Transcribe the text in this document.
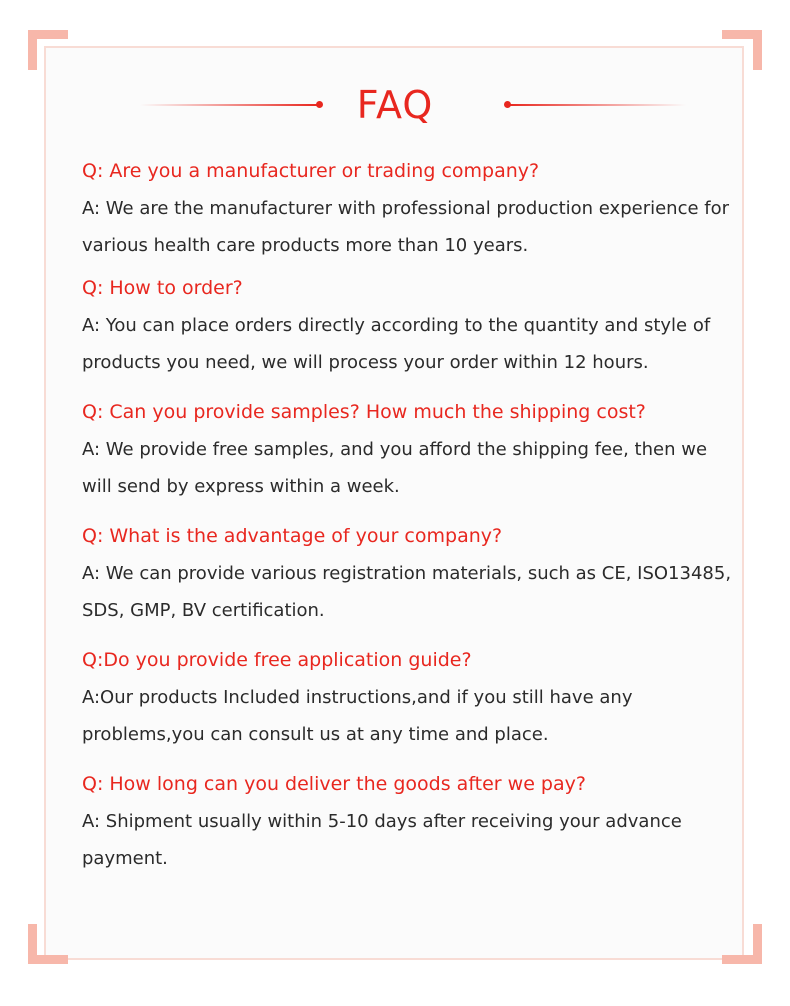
FAQ
Q: Are you a manufacturer or trading company?
A: We are the manufacturer with professional production experience for various health care products more than 10 years.
Q: How to order?
A: You can place orders directly according to the quantity and style of products you need, we will process your order within 12 hours.
Q: Can you provide samples? How much the shipping cost?
A: We provide free samples, and you afford the shipping fee, then we will send by express within a week.
Q: What is the advantage of your company?
A: We can provide various registration materials, such as CE, ISO13485, SDS, GMP, BV certification.
Q:Do you provide free application guide?
A:Our products Included instructions,and if you still have any problems,you can consult us at any time and place.
Q: How long can you deliver the goods after we pay?
A: Shipment usually within 5-10 days after receiving your advance payment.
